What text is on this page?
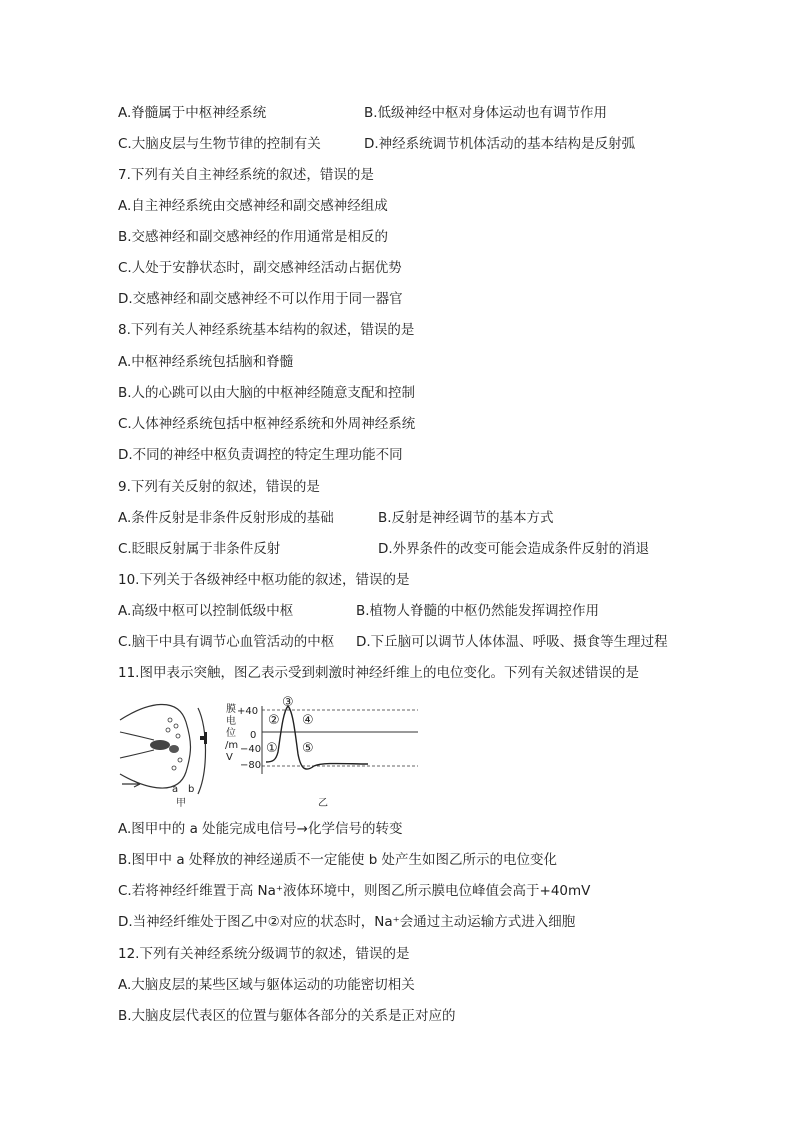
A.脊髓属于中枢神经系统	B.低级神经中枢对身体运动也有调节作用
C.大脑皮层与生物节律的控制有关	D.神经系统调节机体活动的基本结构是反射弧
7.下列有关自主神经系统的叙述，错误的是
A.自主神经系统由交感神经和副交感神经组成
B.交感神经和副交感神经的作用通常是相反的
C.人处于安静状态时，副交感神经活动占据优势
D.交感神经和副交感神经不可以作用于同一器官
8.下列有关人神经系统基本结构的叙述，错误的是
A.中枢神经系统包括脑和脊髓
B.人的心跳可以由大脑的中枢神经随意支配和控制
C.人体神经系统包括中枢神经系统和外周神经系统
D.不同的神经中枢负责调控的特定生理功能不同
9.下列有关反射的叙述，错误的是
A.条件反射是非条件反射形成的基础	B.反射是神经调节的基本方式
C.眨眼反射属于非条件反射	D.外界条件的改变可能会造成条件反射的消退
10.下列关于各级神经中枢功能的叙述，错误的是
A.高级中枢可以控制低级中枢	B.植物人脊髓的中枢仍然能发挥调控作用
C.脑干中具有调节心血管活动的中枢 D.下丘脑可以调节人体体温、呼吸、摄食等生理过程
11.图甲表示突触，图乙表示受到刺激时神经纤维上的电位变化。下列有关叙述错误的是
a b
甲
膜
电
位
/m
V
+40
0
−40
−80
①
②
③
④
⑤
乙
A.图甲中的 a 处能完成电信号→化学信号的转变
B.图甲中 a 处释放的神经递质不一定能使 b 处产生如图乙所示的电位变化
C.若将神经纤维置于高 Na⁺液体环境中，则图乙所示膜电位峰值会高于+40mV
D.当神经纤维处于图乙中②对应的状态时，Na⁺会通过主动运输方式进入细胞
12.下列有关神经系统分级调节的叙述，错误的是
A.大脑皮层的某些区域与躯体运动的功能密切相关
B.大脑皮层代表区的位置与躯体各部分的关系是正对应的
